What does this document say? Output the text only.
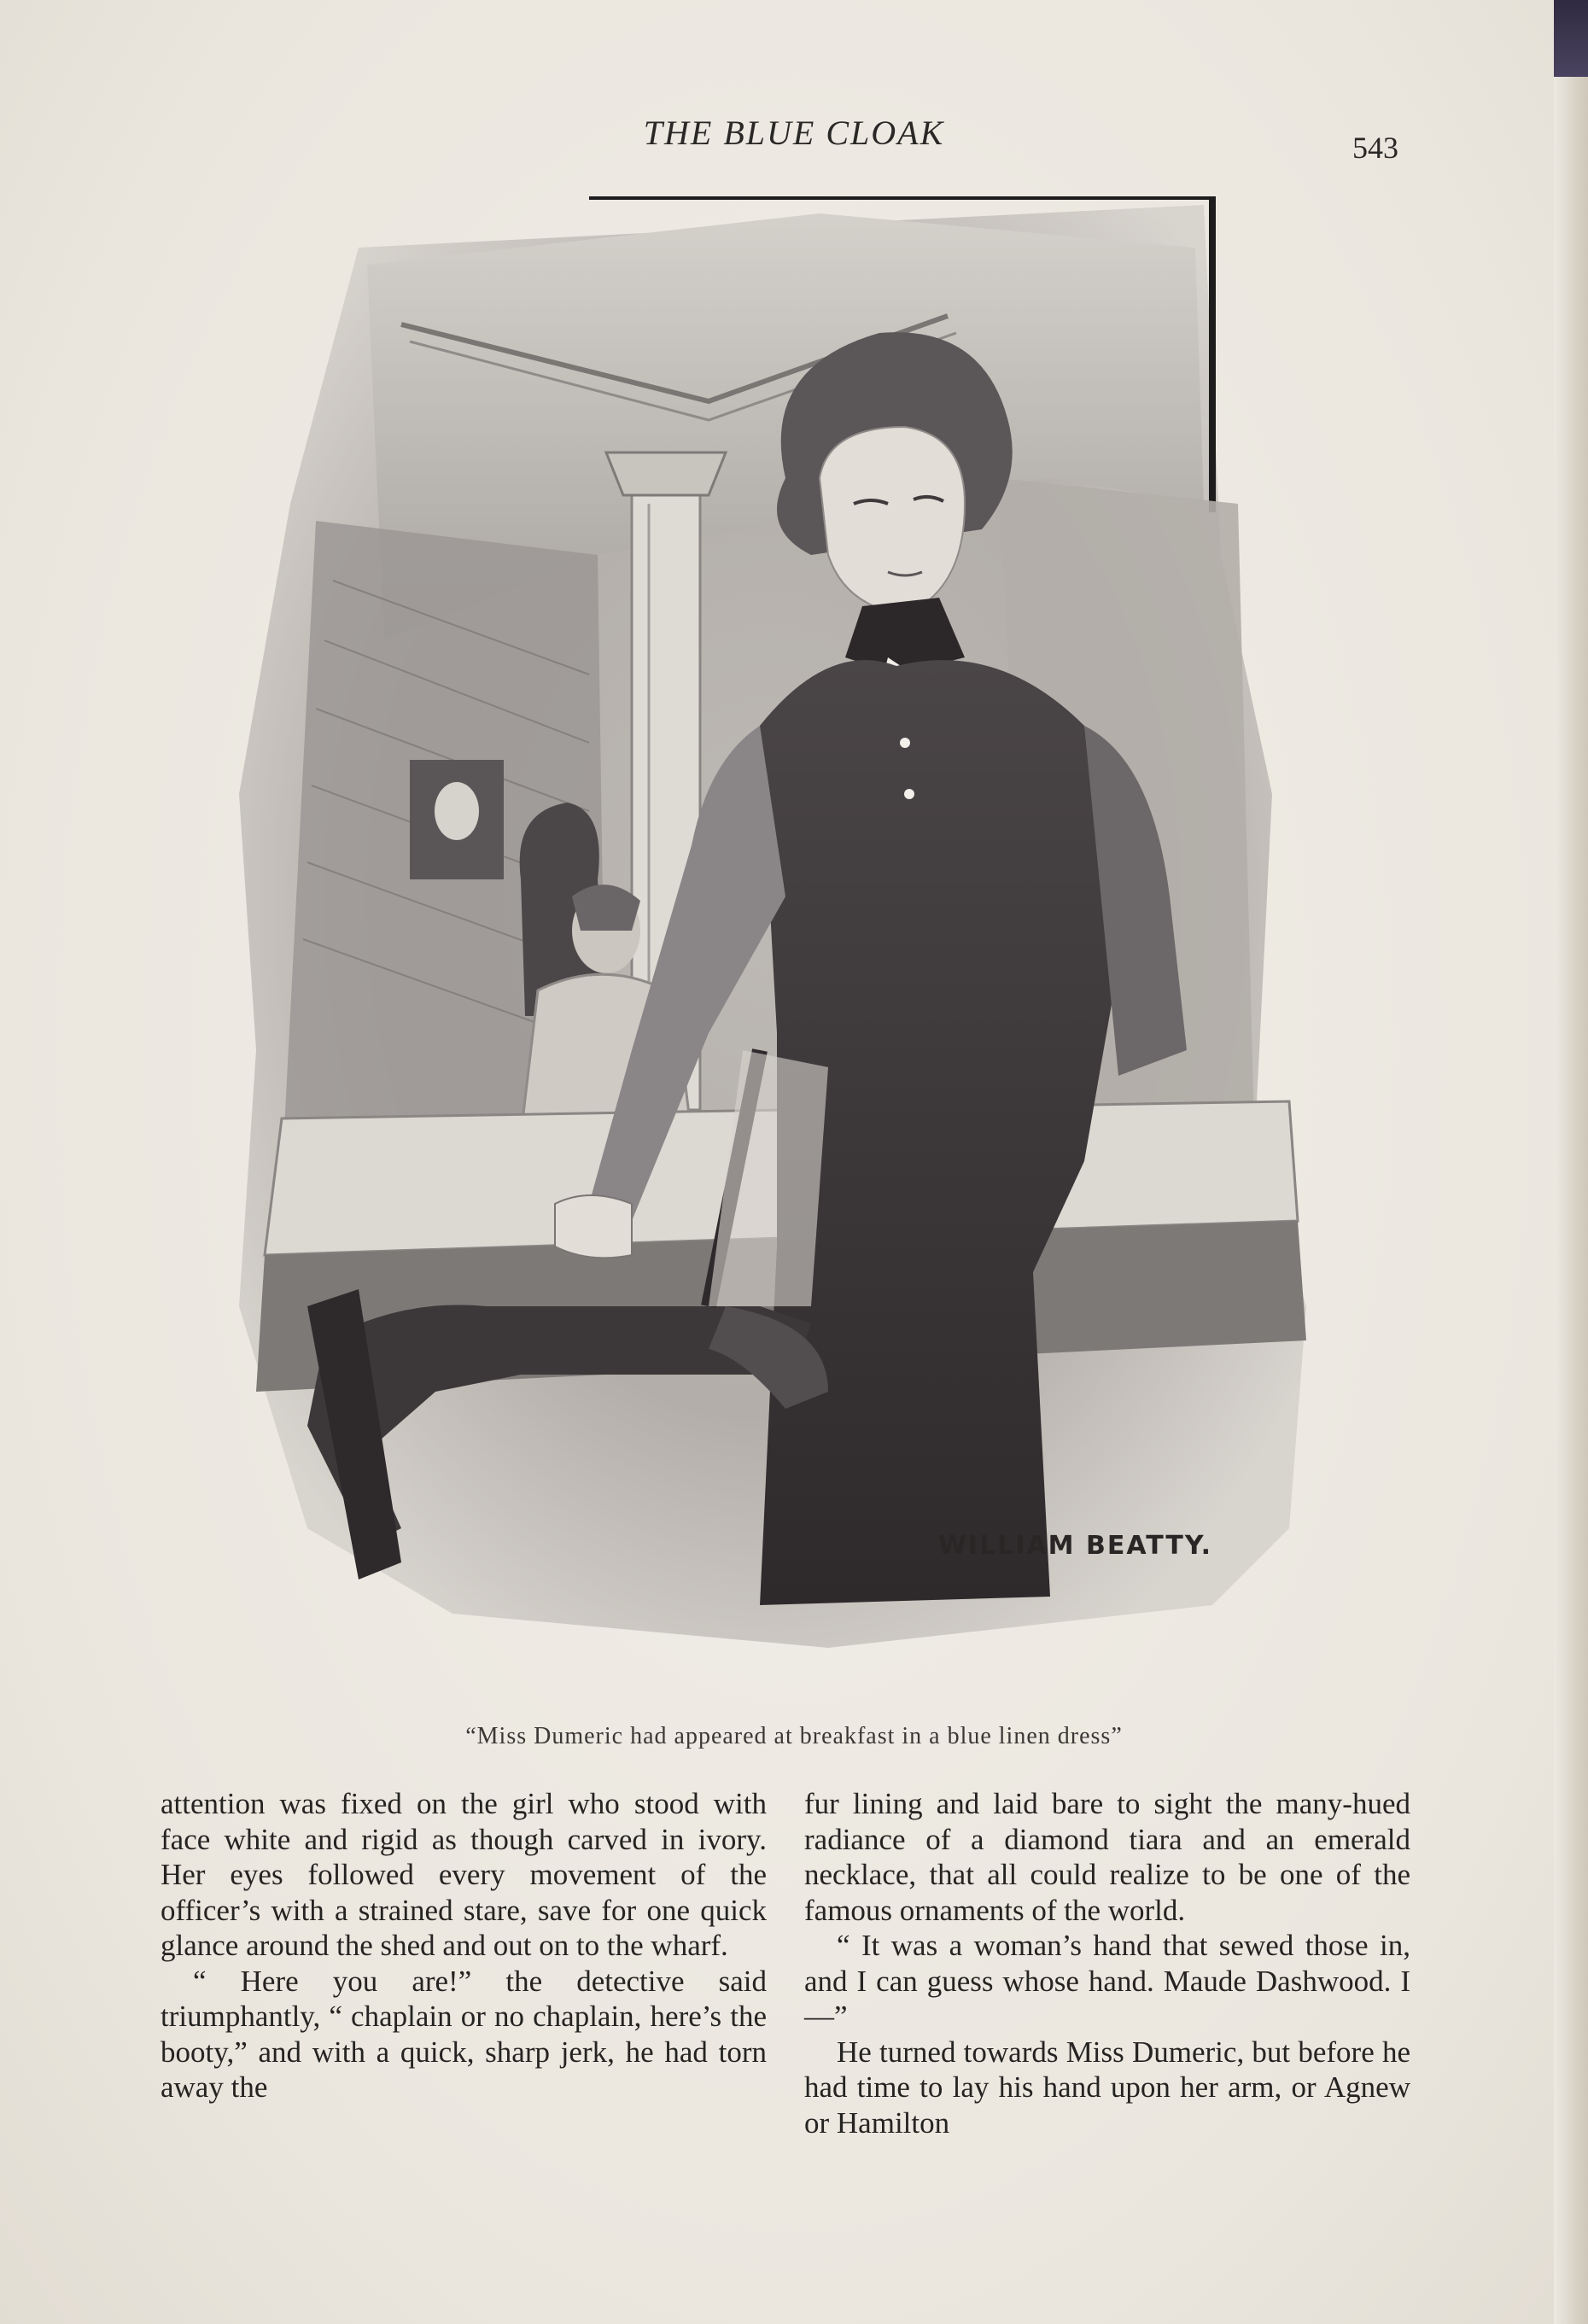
THE BLUE CLOAK	543
WILLIAM BEATTY.
“Miss Dumeric had appeared at breakfast in a blue linen dress”

attention was fixed on the girl who stood with face white and rigid as though carved in ivory. Her eyes followed every movement of the officer’s with a strained stare, save for one quick glance around the shed and out on to the wharf.

“ Here you are!” the detective said triumphantly, “ chaplain or no chaplain, here’s the booty,” and with a quick, sharp jerk, he had torn away the

fur lining and laid bare to sight the many-hued radiance of a diamond tiara and an emerald necklace, that all could realize to be one of the famous ornaments of the world.

“ It was a woman’s hand that sewed those in, and I can guess whose hand. Maude Dashwood. I—”

He turned towards Miss Dumeric, but before he had time to lay his hand upon her arm, or Agnew or Hamilton
